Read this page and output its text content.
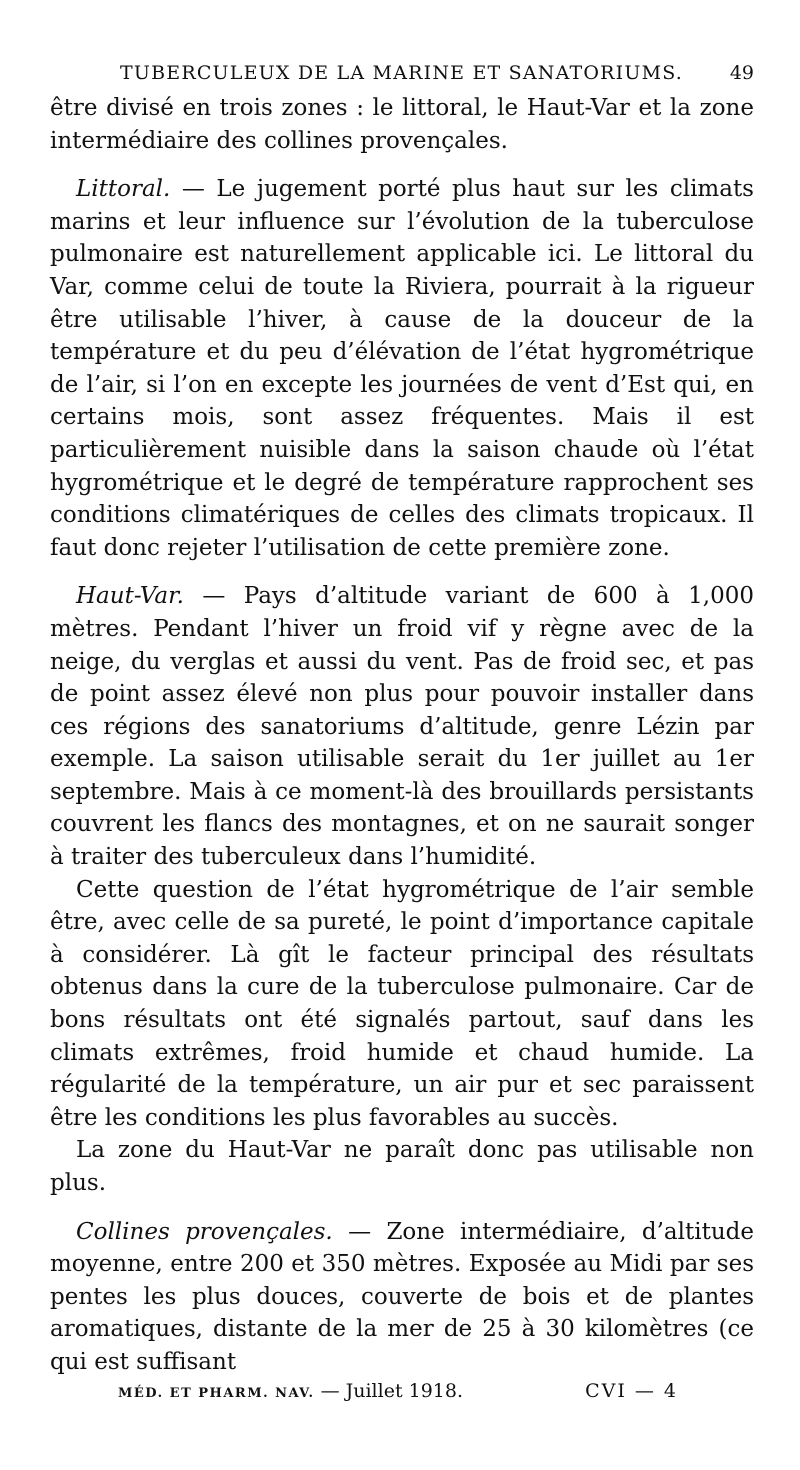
TUBERCULEUX DE LA MARINE ET SANATORIUMS. 49

être divisé en trois zones : le littoral, le Haut-Var et la zone intermédiaire des collines provençales.

Littoral. — Le jugement porté plus haut sur les climats marins et leur influence sur l’évolution de la tuberculose pulmonaire est naturellement applicable ici. Le littoral du Var, comme celui de toute la Riviera, pourrait à la rigueur être utilisable l’hiver, à cause de la douceur de la température et du peu d’élévation de l’état hygrométrique de l’air, si l’on en excepte les journées de vent d’Est qui, en certains mois, sont assez fréquentes. Mais il est particulièrement nuisible dans la saison chaude où l’état hygrométrique et le degré de température rapprochent ses conditions climatériques de celles des climats tropicaux. Il faut donc rejeter l’utilisation de cette première zone.

Haut-Var. — Pays d’altitude variant de 600 à 1,000 mètres. Pendant l’hiver un froid vif y règne avec de la neige, du verglas et aussi du vent. Pas de froid sec, et pas de point assez élevé non plus pour pouvoir installer dans ces régions des sanatoriums d’altitude, genre Lézin par exemple. La saison utilisable serait du 1er juillet au 1er septembre. Mais à ce moment-là des brouillards persistants couvrent les flancs des montagnes, et on ne saurait songer à traiter des tuberculeux dans l’humidité.

Cette question de l’état hygrométrique de l’air semble être, avec celle de sa pureté, le point d’importance capitale à considérer. Là gît le facteur principal des résultats obtenus dans la cure de la tuberculose pulmonaire. Car de bons résultats ont été signalés partout, sauf dans les climats extrêmes, froid humide et chaud humide. La régularité de la température, un air pur et sec paraissent être les conditions les plus favorables au succès.

La zone du Haut-Var ne paraît donc pas utilisable non plus.

Collines provençales. — Zone intermédiaire, d’altitude moyenne, entre 200 et 350 mètres. Exposée au Midi par ses pentes les plus douces, couverte de bois et de plantes aromatiques, distante de la mer de 25 à 30 kilomètres (ce qui est suffisant

MÉD. ET PHARM. NAV. — Juillet 1918.	CVI — 4
